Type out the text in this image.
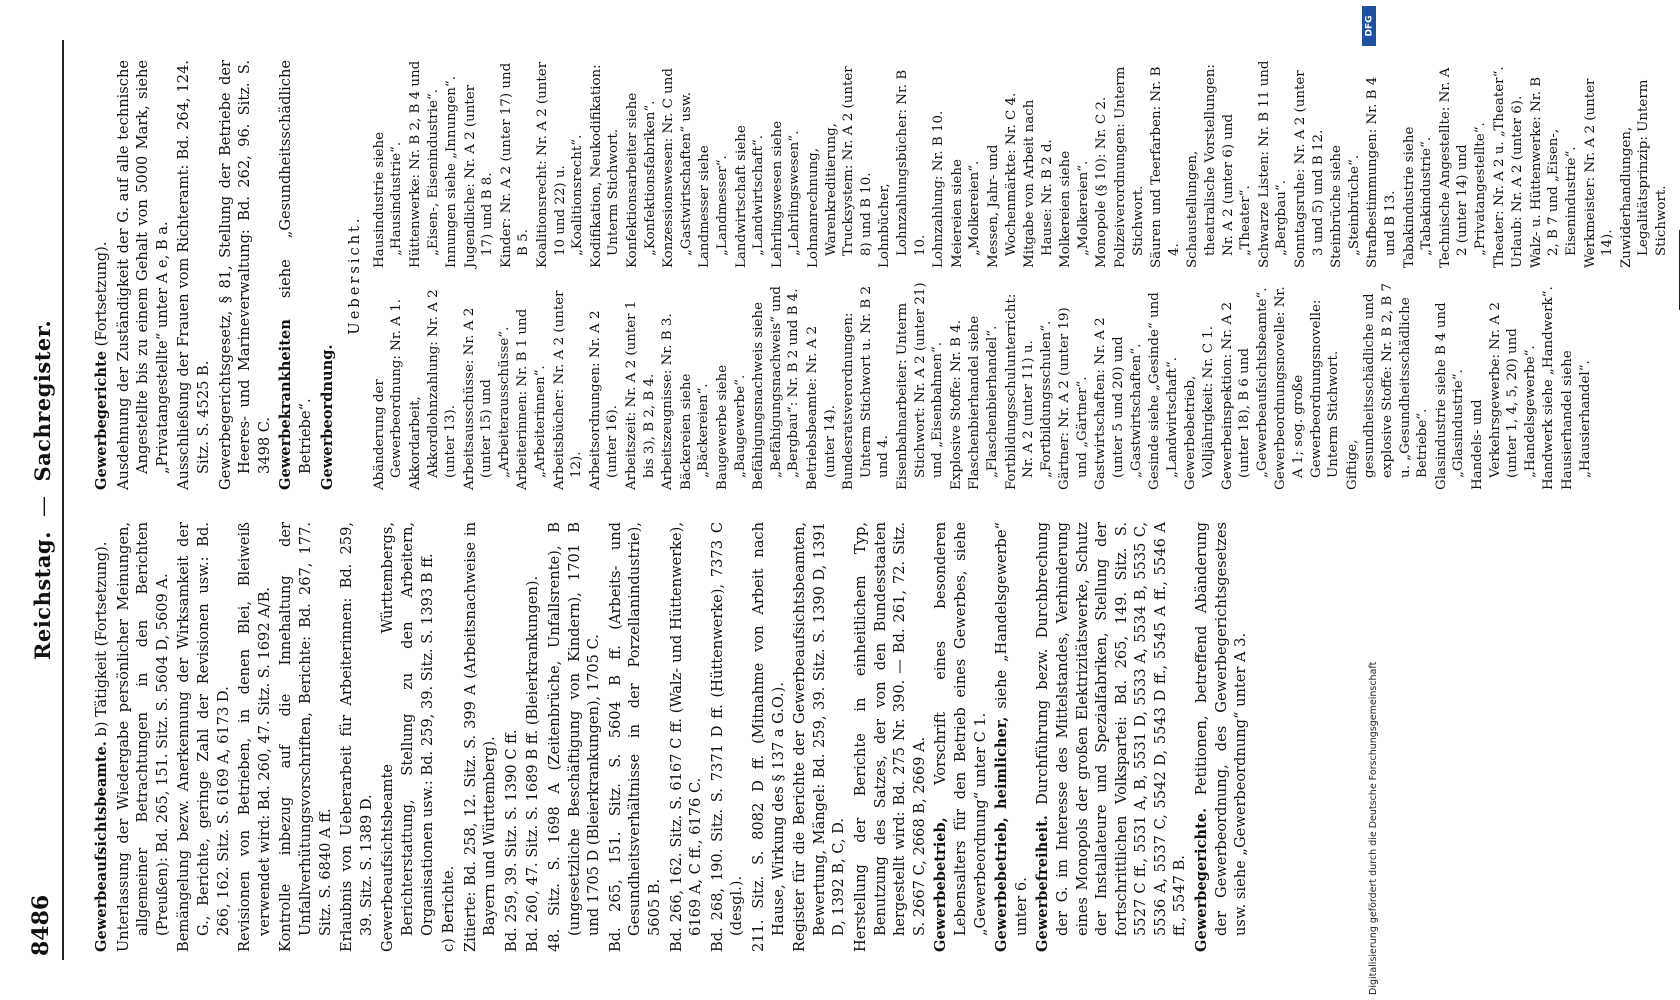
8486
Reichstag.—Sachregister.
Gewerbeaufsichtsbeamte. b) Tätigkeit (Fortsetzung). Unterlassung der Wiedergabe persönlicher Meinungen, allgemeiner Betrachtungen in den Berichten (Preußen): Bd. 265, 151. Sitz. S. 5604 D, 5609 A. Bemängelung bezw. Anerkennung der Wirksamkeit der G., Berichte, geringe Zahl der Revisionen usw.: Bd. 266, 162. Sitz. S. 6169 A, 6173 D. Revisionen von Betrieben, in denen Blei, Bleiweiß verwendet wird: Bd. 260, 47. Sitz. S. 1692 A/B. Kontrolle inbezug auf die Innehaltung der Unfallverhütungsvorschriften, Berichte: Bd. 267, 177. Sitz. S. 6840 A ff. Erlaubnis von Ueberarbeit für Arbeiterinnen: Bd. 259, 39. Sitz. S. 1389 D. Gewerbeaufsichtsbeamte Württembergs, Berichterstattung, Stellung zu den Arbeitern, Organisationen usw.: Bd. 259, 39. Sitz. S. 1393 B ff. c) Berichte. Zitierte: Bd. 258, 12. Sitz. S. 399 A (Arbeitsnachweise in Bayern und Württemberg). Bd. 259, 39. Sitz. S. 1390 C ff. Bd. 260, 47. Sitz. S. 1689 B ff. (Bleierkrankungen). 48. Sitz. S. 1698 A (Zeitenbrüche, Unfallsrente), B (ungesetzliche Beschäftigung von Kindern), 1701 B und 1705 D (Bleierkrankungen), 1705 C. Bd. 265, 151. Sitz. S. 5604 B ff. (Arbeits- und Gesundheitsverhältnisse in der Porzellanindustrie), 5605 B. Bd. 266, 162. Sitz. S. 6167 C ff. (Walz- und Hüttenwerke), 6169 A, C ff., 6176 C. Bd. 268, 190. Sitz. S. 7371 D ff. (Hüttenwerke), 7373 C (desgl.). 211. Sitz. S. 8082 D ff. (Mitnahme von Arbeit nach Hause, Wirkung des § 137 a G.O.). Register für die Berichte der Gewerbeaufsichtsbeamten, Bewertung, Mängel: Bd. 259, 39. Sitz. S. 1390 D, 1391 D, 1392 B, C, D. Herstellung der Berichte in einheitlichem Typ, Benutzung des Satzes, der von den Bundesstaaten hergestellt wird: Bd. 275 Nr. 390. — Bd. 261, 72. Sitz. S. 2667 C, 2668 B, 2669 A. Gewerbebetrieb, Vorschrift eines besonderen Lebensalters für den Betrieb eines Gewerbes, siehe „Gewerbeordnung“ unter C 1. Gewerbebetrieb, heimlicher, siehe „Handelsgewerbe“ unter 6. Gewerbefreiheit. Durchführung bezw. Durchbrechung der G. im Interesse des Mittelstandes, Verhinderung eines Monopols der großen Elektrizitätswerke, Schutz der Installateure und Spezialfabriken, Stellung der fortschrittlichen Volkspartei: Bd. 265, 149. Sitz. S. 5527 C ff., 5531 A, B, 5531 D, 5533 A, 5534 B, 5535 C, 5536 A, 5537 C, 5542 D, 5543 D ff., 5545 A ff., 5546 A ff., 5547 B. Gewerbegerichte. Petitionen, betreffend Abänderung der Gewerbeordnung, des Gewerbegerichtsgesetzes usw. siehe „Gewerbeordnung“ unter A 3.
Gewerbegerichte (Fortsetzung). Ausdehnung der Zuständigkeit der G. auf alle technische Angestellte bis zu einem Gehalt von 5000 Mark, siehe „Privatangestellte“ unter A e, B a. Ausschließung der Frauen vom Richteramt: Bd. 264, 124. Sitz. S. 4525 B. Gewerbegerichtsgesetz, § 81, Stellung der Betriebe der Heeres- und Marineverwaltung: Bd. 262, 96. Sitz. S. 3498 C. Gewerbekrankheiten siehe „Gesundheitsschädliche Betriebe“. Gewerbeordnung.
Uebersicht.
Abänderung der Gewerbeordnung: Nr. A 1. Akkordarbeit, Akkordlohnzahlung: Nr. A 2 (unter 13). Arbeitsausschüsse: Nr. A 2 (unter 15) und „Arbeiterausschüsse“. Arbeiterinnen: Nr. B 1 und „Arbeiterinnen“. Arbeitsbücher: Nr. A 2 (unter 12). Arbeitsordnungen: Nr. A 2 (unter 16). Arbeitszeit: Nr. A 2 (unter 1 bis 3), B 2, B 4. Arbeitszeugnisse: Nr. B 3. Bäckereien siehe „Bäckereien“. Baugewerbe siehe „Baugewerbe“. Befähigungsnachweis siehe „Befähigungsnachweis“ und „Bergbau“: Nr. B 2 und B 4. Betriebsbeamte: Nr. A 2 (unter 14). Bundesratsverordnungen: Unterm Stichwort u. Nr. B 2 und 4. Eisenbahnarbeiter: Unterm Stichwort: Nr. A 2 (unter 21) und „Eisenbahnen“. Explosive Stoffe: Nr. B 4. Flaschenbierhandel siehe „Flaschenbierhandel“. Fortbildungsschulunterricht: Nr. A 2 (unter 11) u. „Fortbildungsschulen“. Gärtner: Nr. A 2 (unter 19) und „Gärtner“. Gastwirtschaften: Nr. A 2 (unter 5 und 20) und „Gastwirtschaften“. Gesinde siehe „Gesinde“ und „Landwirtschaft“. Gewerbebetrieb, Volljährigkeit: Nr. C 1. Gewerbeinspektion: Nr. A 2 (unter 18), B 6 und „Gewerbeaufsichtsbeamte“. Gewerbeordnungsnovelle: Nr. A 1; sog. große Gewerbeordnungsnovelle: Unterm Stichwort. Giftige, gesundheitsschädliche und explosive Stoffe: Nr. B 2, B 7 u. „Gesundheitsschädliche Betriebe“. Glasindustrie siehe B 4 und „Glasindustrie“. Handels- und Verkehrsgewerbe: Nr. A 2 (unter 1, 4, 5, 20) und „Handelsgewerbe“. Handwerk siehe „Handwerk“. Hausierhandel siehe „Hausierhandel“.
Hausindustrie siehe „Hausindustrie“. Hüttenwerke: Nr. B 2, B 4 und „Eisen-, Eisenindustrie“. Innungen siehe „Innungen“. Jugendliche: Nr. A 2 (unter 17) und B 8. Kinder: Nr. A 2 (unter 17) und B 5. Koalitionsrecht: Nr. A 2 (unter 10 und 22) u. „Koalitionsrecht“. Kodifikation, Neukodifikation: Unterm Stichwort. Konfektionsarbeiter siehe „Konfektionsfabriken“. Konzessionswesen: Nr. C und „Gastwirtschaften“ usw. Landmesser siehe „Landmesser“. Landwirtschaft siehe „Landwirtschaft“. Lehrlingswesen siehe „Lehrlingswesen“. Lohnanrechnung, Warenkreditierung, Trucksystem: Nr. A 2 (unter 8) und B 10. Lohnbücher, Lohnzahlungsbücher: Nr. B 10. Lohnzahlung: Nr. B 10. Meiereien siehe „Molkereien“. Messen, Jahr- und Wochenmärkte: Nr. C 4. Mitgabe von Arbeit nach Hause: Nr. B 2 d. Molkereien siehe „Molkereien“. Monopole (§ 10): Nr. C 2. Polizeiverordnungen: Unterm Stichwort. Säuren und Teerfarben: Nr. B 4. Schaustellungen, theatralische Vorstellungen: Nr. A 2 (unter 6) und „Theater“. Schwarze Listen: Nr. B 11 und „Bergbau“. Sonntagsruhe: Nr. A 2 (unter 3 und 5) und B 12. Steinbrüche siehe „Steinbrüche“. Strafbestimmungen: Nr. B 4 und B 13. Tabakindustrie siehe „Tabakindustrie“. Technische Angestellte: Nr. A 2 (unter 14) und „Privatangestellte“. Theater: Nr. A 2 u. „Theater“. Urlaub: Nr. A 2 (unter 6). Walz- u. Hüttenwerke: Nr. B 2, B 7 und „Eisen-, Eisenindustrie“. Werkmeister: Nr. A 2 (unter 14). Zuwiderhandlungen, Legalitätsprinzip: Unterm Stichwort.
Digitalisierung gefördert durch die Deutsche Forschungsgemeinschaft
DFG
